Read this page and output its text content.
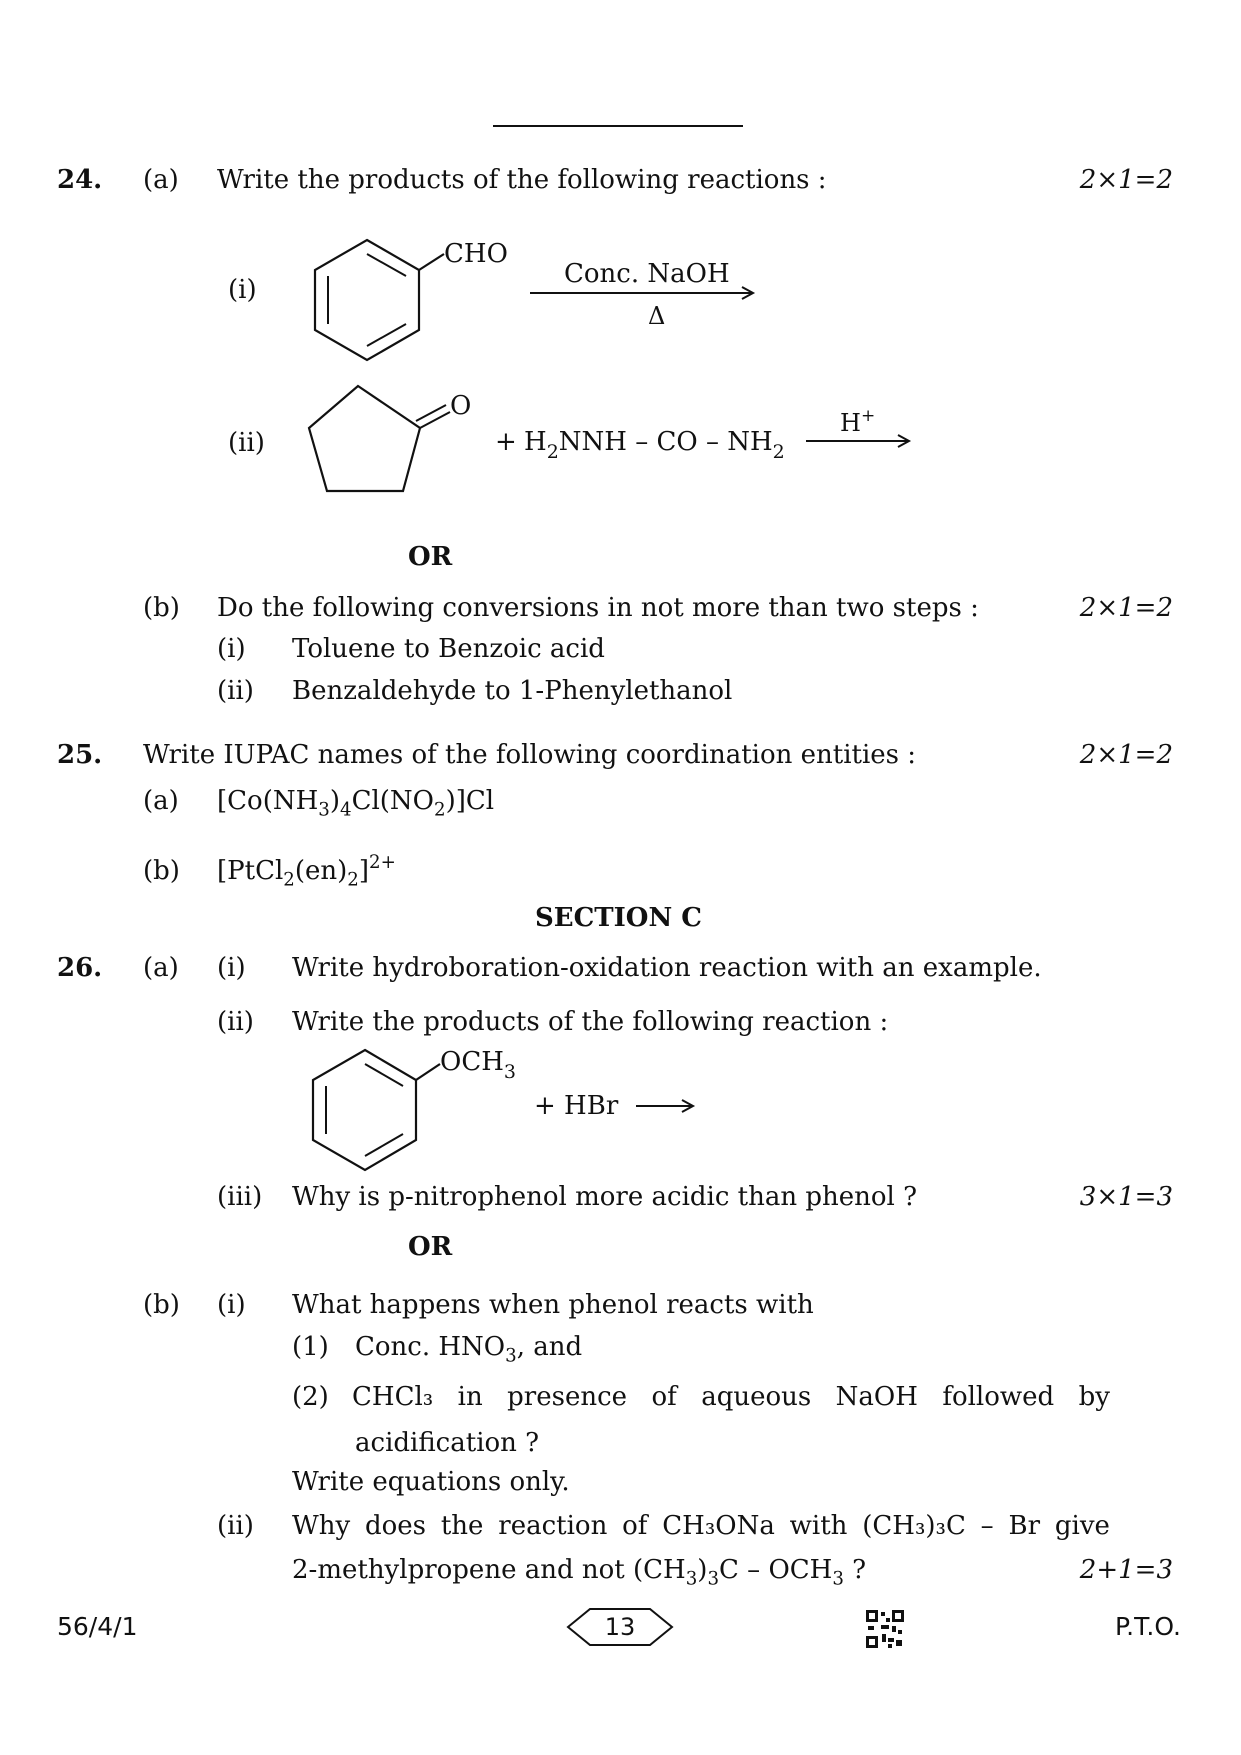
24. (a) Write the products of the following reactions :	2×1=2
(i)
CHO
Conc. NaOH
Δ
(ii)
O
+ $H_2NNH$ – CO – $NH_2$
H+
OR
(b) Do the following conversions in not more than two steps :	2×1=2
(i) Toluene to Benzoic acid
(ii) Benzaldehyde to 1-Phenylethanol
25. Write IUPAC names of the following coordination entities :	2×1=2
(a) $[Co(NH_3)_4Cl(NO_2)]Cl$
(b) $[PtCl_2(en)_2]^{2+}$
SECTION C
26. (a) (i) Write hydroboration-oxidation reaction with an example.
(ii) Write the products of the following reaction :
$OCH_3$
+ HBr
(iii) Why is p-nitrophenol more acidic than phenol ?	3×1=3
OR
(b) (i) What happens when phenol reacts with
(1) Conc. $HNO_3$, and
(2) CHCl₃ in presence of aqueous NaOH followed by
acidification ?
Write equations only.
(ii) Why does the reaction of CH₃ONa with (CH₃)₃C – Br give
2-methylpropene and not $(CH_3)_3C - OCH_3$ ?	2+1=3
56/4/1	13	P.T.O.
